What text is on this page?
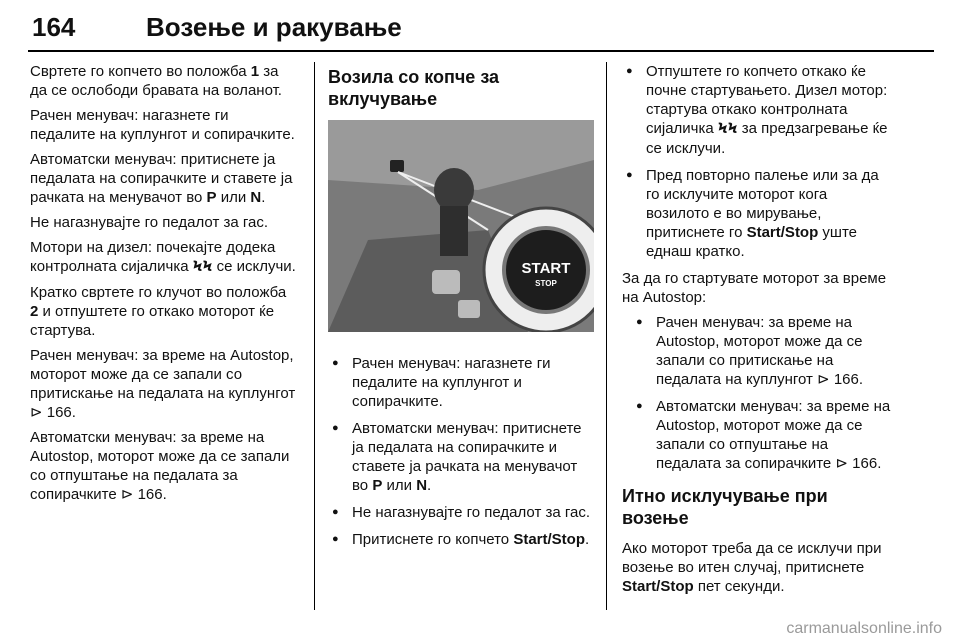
164	Возење и ракување

Свртете го копчето во положба 1 за да се ослободи бравата на воланот.

Рачен менувач: нагазнете ги педалите на куплунгот и сопирачките.

Автоматски менувач: притиснете ја педалата на сопирачките и ставете ја рачката на менувачот во P или N.

Не нагазнувајте го педалот за гас.

Мотори на дизел: почекајте додека контролната сијаличка ϞϞ се исклучи.

Кратко свртете го клучот во положба 2 и отпуштете го откако моторот ќе стартува.

Рачен менувач: за време на Autostop, моторот може да се запали со притискање на педалата на куплунгот ⊳ 166.

Автоматски менувач: за време на Autostop, моторот може да се запали со отпуштање на педалата за сопирачките ⊳ 166.

Возила со копче за вклучување
START
STOP
● Рачен менувач: нагазнете ги педалите на куплунгот и сопирачките.
● Автоматски менувач: притиснете ја педалата на сопирачките и ставете ја рачката на менувачот во P или N.
● Не нагазнувајте го педалот за гас.
● Притиснете го копчето Start/Stop.
● Отпуштете го копчето откако ќе почне стартувањето. Дизел мотор: стартува откако контролната сијаличка ϞϞ за предзагревање ќе се исклучи.
● Пред повторно палење или за да го исклучите моторот кога возилото е во мирување, притиснете го Start/Stop уште еднаш кратко.

За да го стартувате моторот за време на Autostop:

● Рачен менувач: за време на Autostop, моторот може да се запали со притискање на педалата на куплунгот ⊳ 166.
● Автоматски менувач: за време на Autostop, моторот може да се запали со отпуштање на педалата за сопирачките ⊳ 166.
Итно исклучување при возење

Ако моторот треба да се исклучи при возење во итен случај, притиснете Start/Stop пет секунди.

carmanualsonline.info
